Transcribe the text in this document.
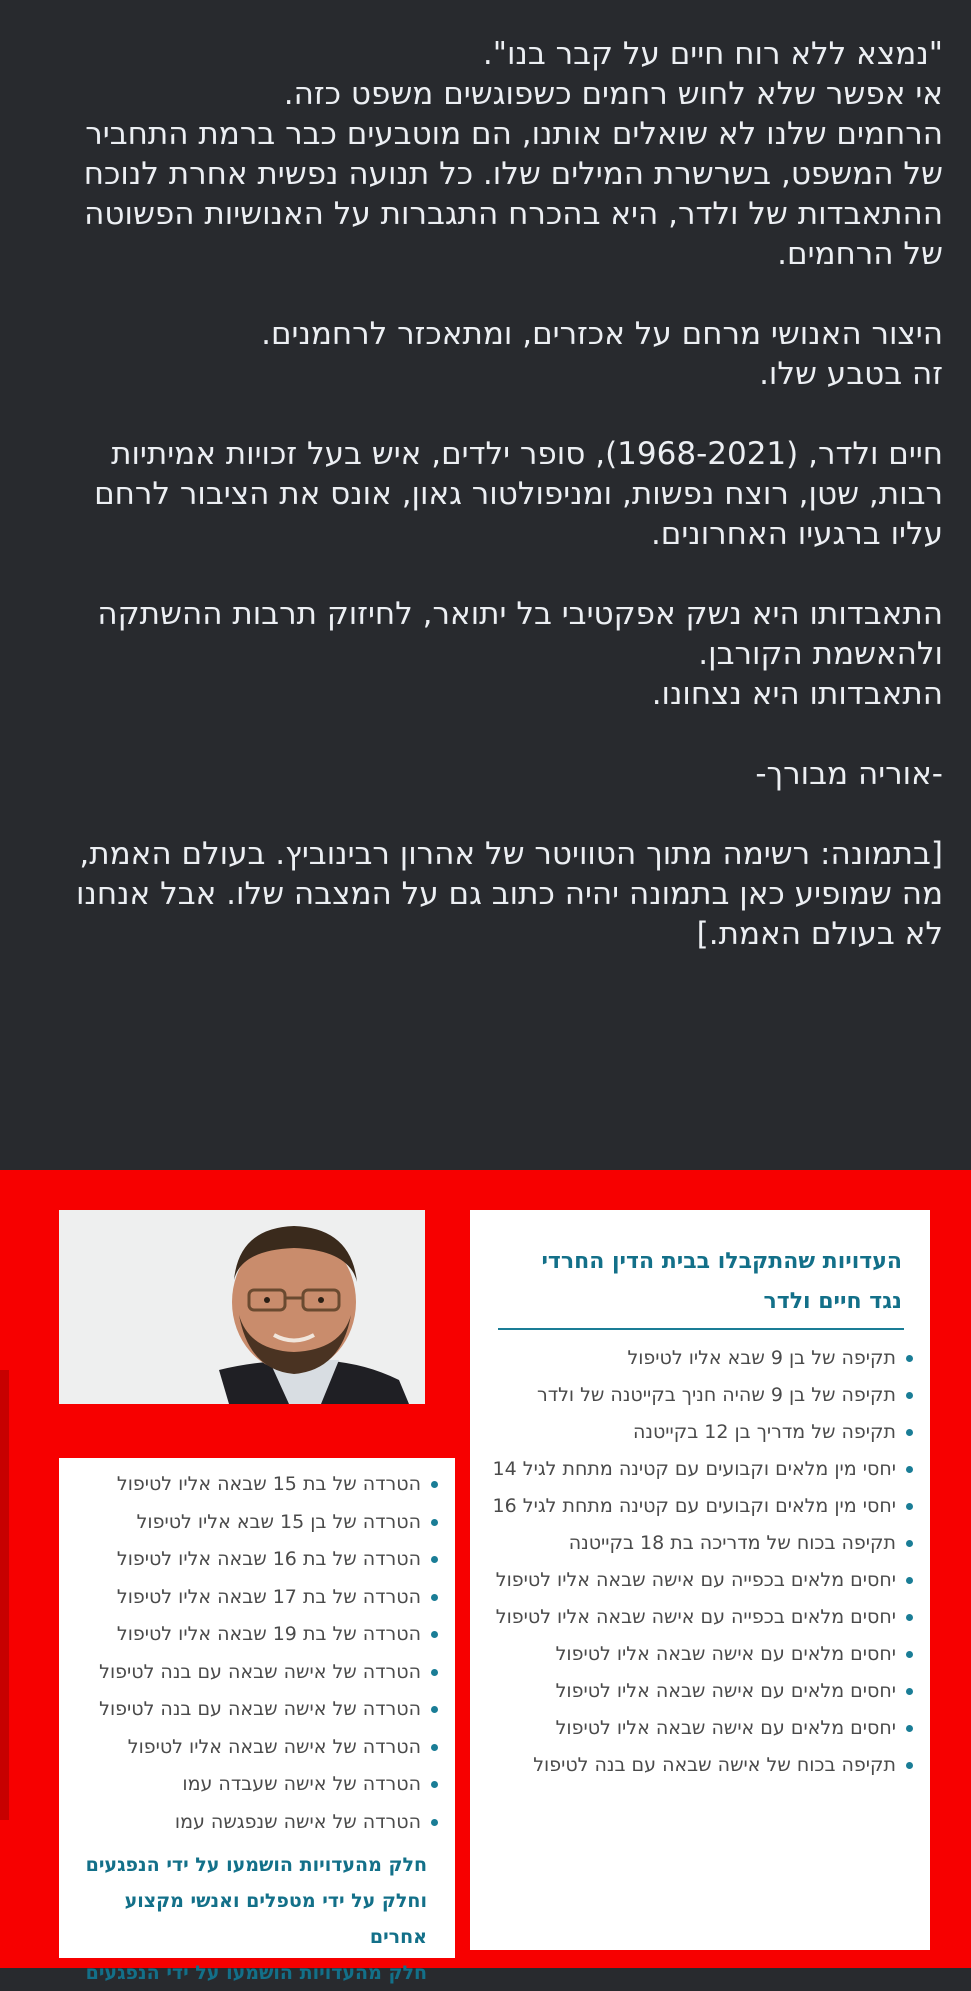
"נמצא ללא רוח חיים על קבר בנו".
אי אפשר שלא לחוש רחמים כשפוגשים משפט כזה.
הרחמים שלנו לא שואלים אותנו, הם מוטבעים כבר ברמת התחביר
של המשפט, בשרשרת המילים שלו. כל תנועה נפשית אחרת לנוכח
ההתאבדות של ולדר, היא בהכרח התגברות על האנושיות הפשוטה
של הרחמים.
היצור האנושי מרחם על אכזרים, ומתאכזר לרחמנים.
זה בטבע שלו.
חיים ולדר, (1968-2021), סופר ילדים, איש בעל זכויות אמיתיות
רבות, שטן, רוצח נפשות, ומניפולטור גאון, אונס את הציבור לרחם
עליו ברגעיו האחרונים.
התאבדותו היא נשק אפקטיבי בל יתואר, לחיזוק תרבות ההשתקה
ולהאשמת הקורבן.
התאבדותו היא נצחונו.
-אוריה מבורך-
[בתמונה: רשימה מתוך הטוויטר של אהרון רבינוביץ. בעולם האמת,
מה שמופיע כאן בתמונה יהיה כתוב גם על המצבה שלו. אבל אנחנו
לא בעולם האמת.]
העדויות שהתקבלו בבית הדין החרדי
נגד חיים ולדר
תקיפה של בן 9 שבא אליו לטיפול
תקיפה של בן 9 שהיה חניך בקייטנה של ולדר
תקיפה של מדריך בן 12 בקייטנה
יחסי מין מלאים וקבועים עם קטינה מתחת לגיל 14
יחסי מין מלאים וקבועים עם קטינה מתחת לגיל 16
תקיפה בכוח של מדריכה בת 18 בקייטנה
יחסים מלאים בכפייה עם אישה שבאה אליו לטיפול
יחסים מלאים בכפייה עם אישה שבאה אליו לטיפול
יחסים מלאים עם אישה שבאה אליו לטיפול
יחסים מלאים עם אישה שבאה אליו לטיפול
יחסים מלאים עם אישה שבאה אליו לטיפול
תקיפה בכוח של אישה שבאה עם בנה לטיפול
הטרדה של בת 15 שבאה אליו לטיפול
הטרדה של בן 15 שבא אליו לטיפול
הטרדה של בת 16 שבאה אליו לטיפול
הטרדה של בת 17 שבאה אליו לטיפול
הטרדה של בת 19 שבאה אליו לטיפול
הטרדה של אישה שבאה עם בנה לטיפול
הטרדה של אישה שבאה עם בנה לטיפול
הטרדה של אישה שבאה אליו לטיפול
הטרדה של אישה שעבדה עמו
הטרדה של אישה שנפגשה עמו
חלק מהעדויות הושמעו על ידי הנפגעים
וחלק על ידי מטפלים ואנשי מקצוע אחרים
חלק מהעדויות הושמעו על ידי הנפגעים
